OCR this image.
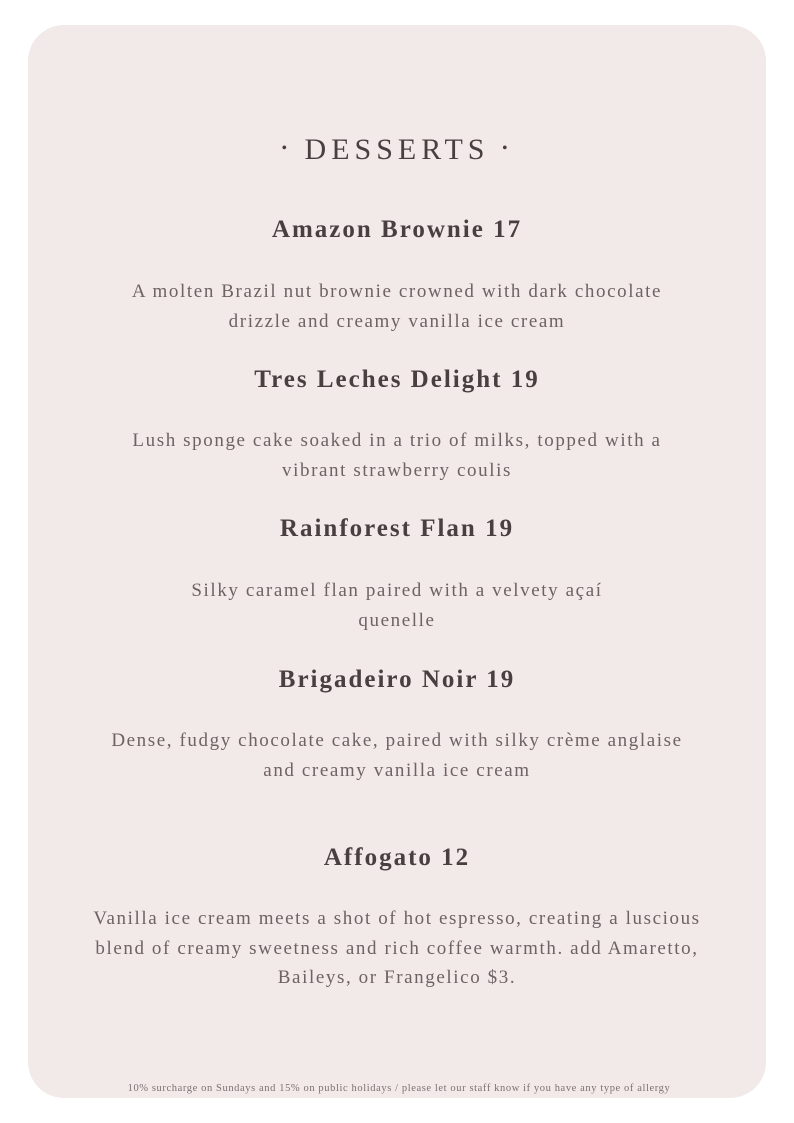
• DESSERTS •
Amazon Brownie 17
A molten Brazil nut brownie crowned with dark chocolate drizzle and creamy vanilla ice cream
Tres Leches Delight 19
Lush sponge cake soaked in a trio of milks, topped with a vibrant strawberry coulis
Rainforest Flan 19
Silky caramel flan paired with a velvety açaí quenelle
Brigadeiro Noir 19
Dense, fudgy chocolate cake, paired with silky crème anglaise and creamy vanilla ice cream
Affogato 12
Vanilla ice cream meets a shot of hot espresso, creating a luscious blend of creamy sweetness and rich coffee warmth. add Amaretto, Baileys, or Frangelico $3.
10% surcharge on Sundays and 15% on public holidays / please let our staff know if you have any type of allergy
